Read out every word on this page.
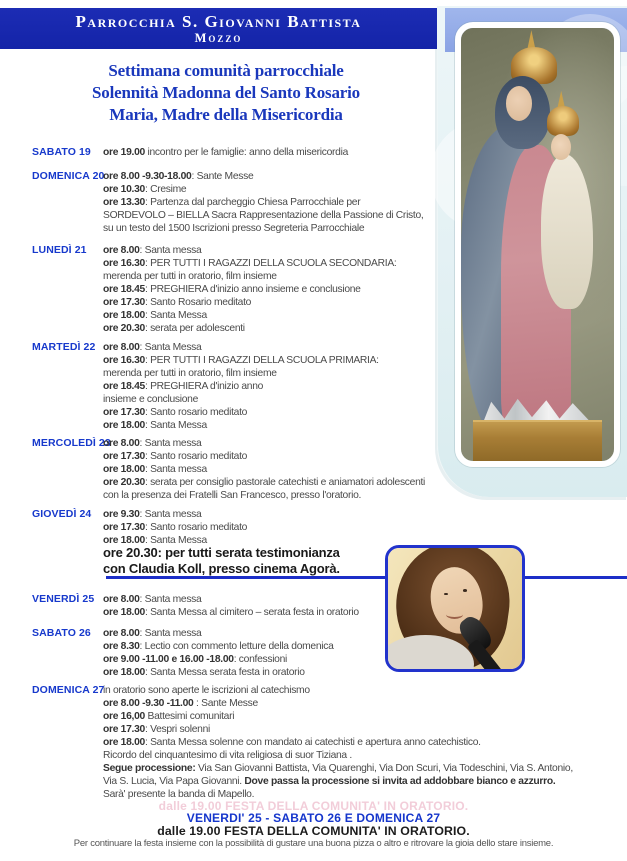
Parrocchia S. Giovanni Battista
Mozzo
Settimana comunità parrocchiale
Solennità Madonna del Santo Rosario
Maria, Madre della Misericordia
SABATO 19 ore 19.00 incontro per le famiglie: anno della misericordia
DOMENICA 20
ore 8.00 -9.30-18.00: Sante Messe
ore 10.30: Cresime
ore 13.30: Partenza dal parcheggio Chiesa Parrocchiale per
SORDEVOLO – BIELLA Sacra Rappresentazione della Passione di Cristo,
su un testo del 1500 Iscrizioni presso Segreteria Parrocchiale
LUNEDÌ 21 ore 8.00: Santa messa
ore 16.30: PER TUTTI I RAGAZZI DELLA SCUOLA SECONDARIA:
merenda per tutti in oratorio, film insieme
ore 18.45: PREGHIERA d'inizio anno insieme e conclusione
ore 17.30: Santo Rosario meditato
ore 18.00: Santa Messa
ore 20.30: serata per adolescenti
MARTEDÌ 22 ore 8.00: Santa Messa
ore 16.30: PER TUTTI I RAGAZZI DELLA SCUOLA PRIMARIA:
merenda per tutti in oratorio, film insieme
ore 18.45: PREGHIERA d'inizio anno
insieme e conclusione
ore 17.30: Santo rosario meditato
ore 18.00: Santa Messa
MERCOLEDÌ 23
ore 8.00: Santa messa
ore 17.30: Santo rosario meditato
ore 18.00: Santa messa
ore 20.30: serata per consiglio pastorale catechisti e aniamatori adolescenti
con la presenza dei Fratelli San Francesco, presso l'oratorio.
GIOVEDÌ 24 ore 9.30: Santa messa
ore 17.30: Santo rosario meditato
ore 18.00: Santa Messa
VENERDÌ 25 ore 8.00: Santa messa
ore 18.00: Santa Messa al cimitero – serata festa in oratorio
SABATO 26 ore 8.00: Santa messa
ore 8.30: Lectio con commento letture della domenica
ore 9.00 -11.00 e 16.00 -18.00: confessioni
ore 18.00: Santa Messa serata festa in oratorio
DOMENICA 27
in oratorio sono aperte le iscrizioni al catechismo
ore 8.00 -9.30 -11.00 : Sante Messe
ore 16,00 Battesimi comunitari
ore 17.30: Vespri solenni
ore 18.00: Santa Messa solenne con mandato ai catechisti e apertura anno catechistico.
Ricordo del cinquantesimo di vita religiosa di suor Tiziana .
Segue processione: Via San Giovanni Battista, Via Quarenghi, Via Don Scuri, Via Todeschini, Via S. Antonio,
Via S. Lucia, Via Papa Giovanni. Dove passa la processione si invita ad addobbare bianco e azzurro.
Sarà' presente la banda di Mapello.
ore 20.30: per tutti serata testimonianza
con Claudia Koll, presso cinema Agorà.
dalle 19.00 FESTA DELLA COMUNITA' IN ORATORIO.
VENERDI' 25 - SABATO 26 E DOMENICA 27
dalle 19.00 FESTA DELLA COMUNITA' IN ORATORIO.
Per continuare la festa insieme con la possibilità di gustare una buona pizza o altro e ritrovare la gioia dello stare insieme.
